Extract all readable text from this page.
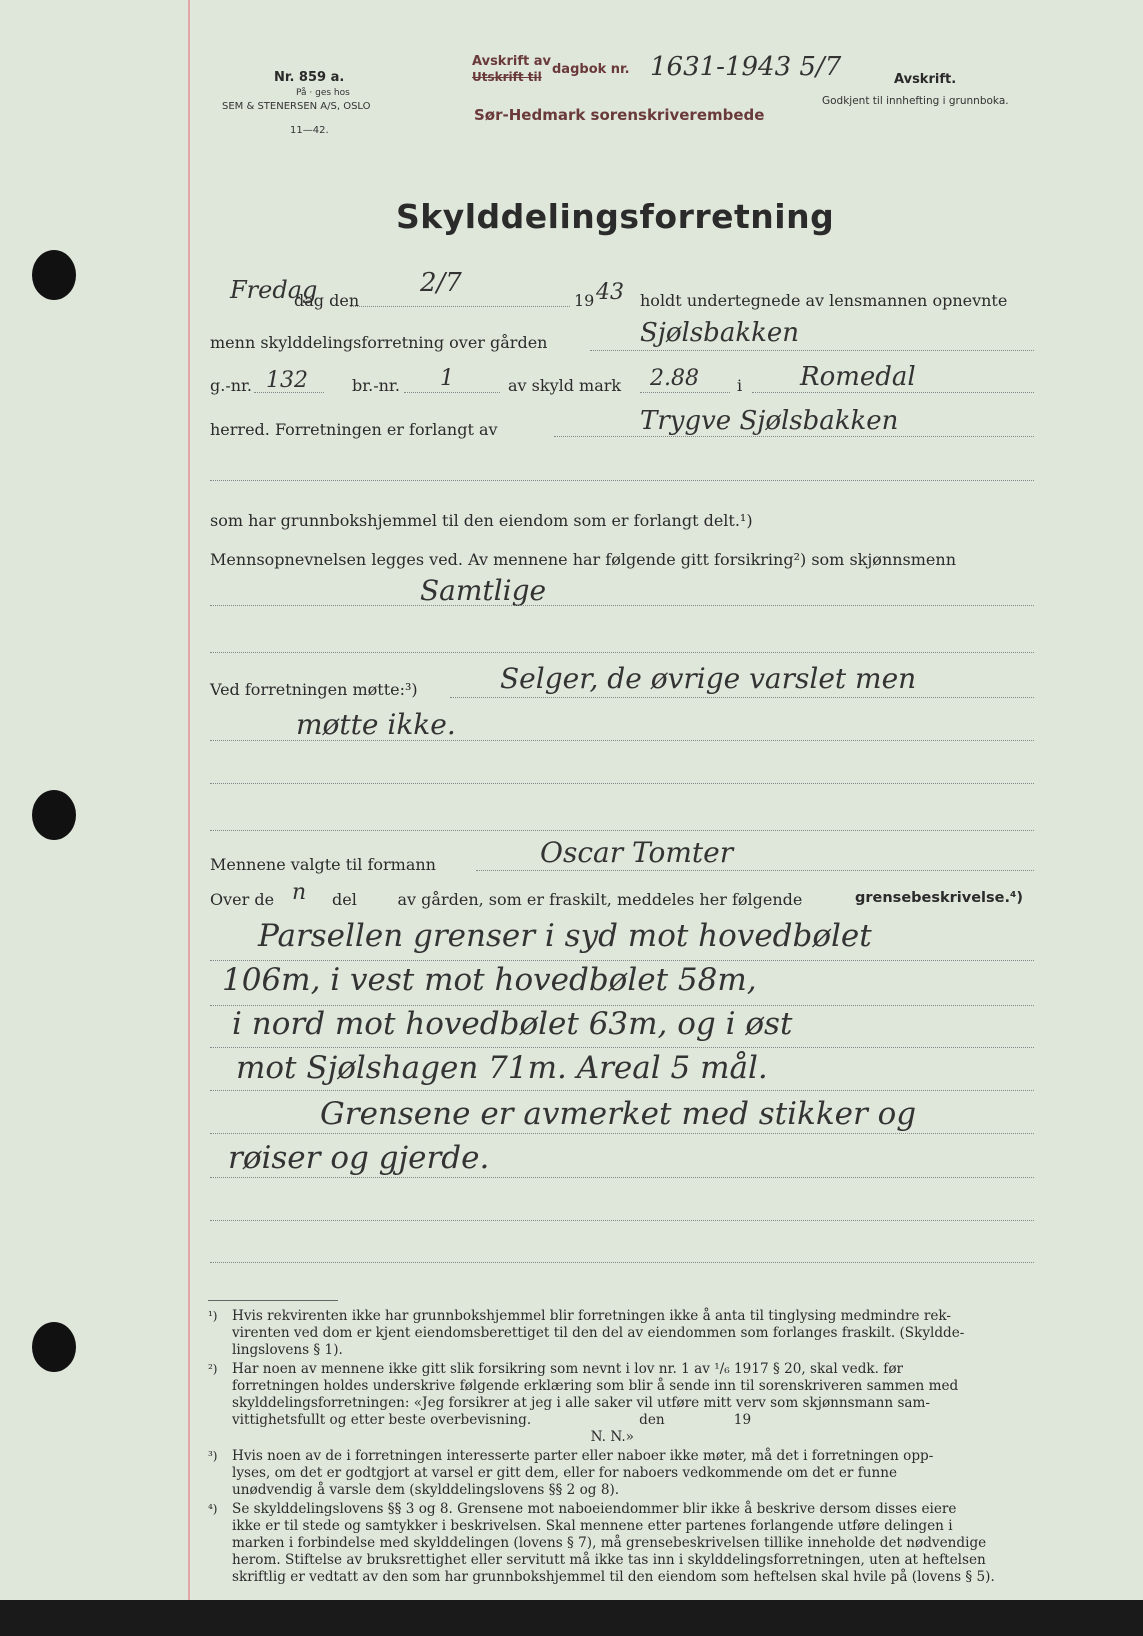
Nr. 859 a.
På · ges hos
SEM & STENERSEN A/S, OSLO
11—42.
Avskrift av
Utskrift til dagbok nr. 1631-1943 5/7
Sør-Hedmark sorenskriverembede
Avskrift.
Godkjent til innhefting i grunnboka.
Skylddelingsforretning
Fredag
dag den
2/7
19 43 holdt undertegnede av lensmannen opnevnte
menn skylddelingsforretning over gården	Sjølsbakken
g.-nr. 132	br.-nr. 1	av skyld mark 2.88 i Romedal
herred. Forretningen er forlangt av	Trygve Sjølsbakken
som har grunnbokshjemmel til den eiendom som er forlangt delt.¹)
Mennsopnevnelsen legges ved. Av mennene har følgende gitt forsikring²) som skjønnsmenn
Samtlige
Ved forretningen møtte:³)	Selger, de øvrige varslet men
møtte ikke.
Mennene valgte til formann	Oscar Tomter
Over de n del        av gården, som er fraskilt, meddeles her følgende	grensebeskrivelse.⁴)
Parsellen grenser i syd mot hovedbølet
106m, i vest mot hovedbølet 58m,
i nord mot hovedbølet 63m, og i øst
mot Sjølshagen 71m. Areal 5 mål.
Grensene er avmerket med stikker og
røiser og gjerde.
¹) Hvis rekvirenten ikke har grunnbokshjemmel blir forretningen ikke å anta til tinglysing medmindre rek-
virenten ved dom er kjent eiendomsberettiget til den del av eiendommen som forlanges fraskilt. (Skyldde-
lingslovens § 1).
²) Har noen av mennene ikke gitt slik forsikring som nevnt i lov nr. 1 av ¹/₆ 1917 § 20, skal vedk. før
forretningen holdes underskrive følgende erklæring som blir å sende inn til sorenskriveren sammen med
skylddelingsforretningen: «Jeg forsikrer at jeg i alle saker vil utføre mitt verv som skjønnsmann sam-
vittighetsfullt og etter beste overbevisning.                         den                19
N. N.»
³) Hvis noen av de i forretningen interesserte parter eller naboer ikke møter, må det i forretningen opp-
lyses, om det er godtgjort at varsel er gitt dem, eller for naboers vedkommende om det er funne
unødvendig å varsle dem (skylddelingslovens §§ 2 og 8).
⁴) Se skylddelingslovens §§ 3 og 8. Grensene mot naboeiendommer blir ikke å beskrive dersom disses eiere
ikke er til stede og samtykker i beskrivelsen. Skal mennene etter partenes forlangende utføre delingen i
marken i forbindelse med skylddelingen (lovens § 7), må grensebeskrivelsen tillike inneholde det nødvendige
herom. Stiftelse av bruksrettighet eller servitutt må ikke tas inn i skylddelingsforretningen, uten at heftelsen
skriftlig er vedtatt av den som har grunnbokshjemmel til den eiendom som heftelsen skal hvile på (lovens § 5).
